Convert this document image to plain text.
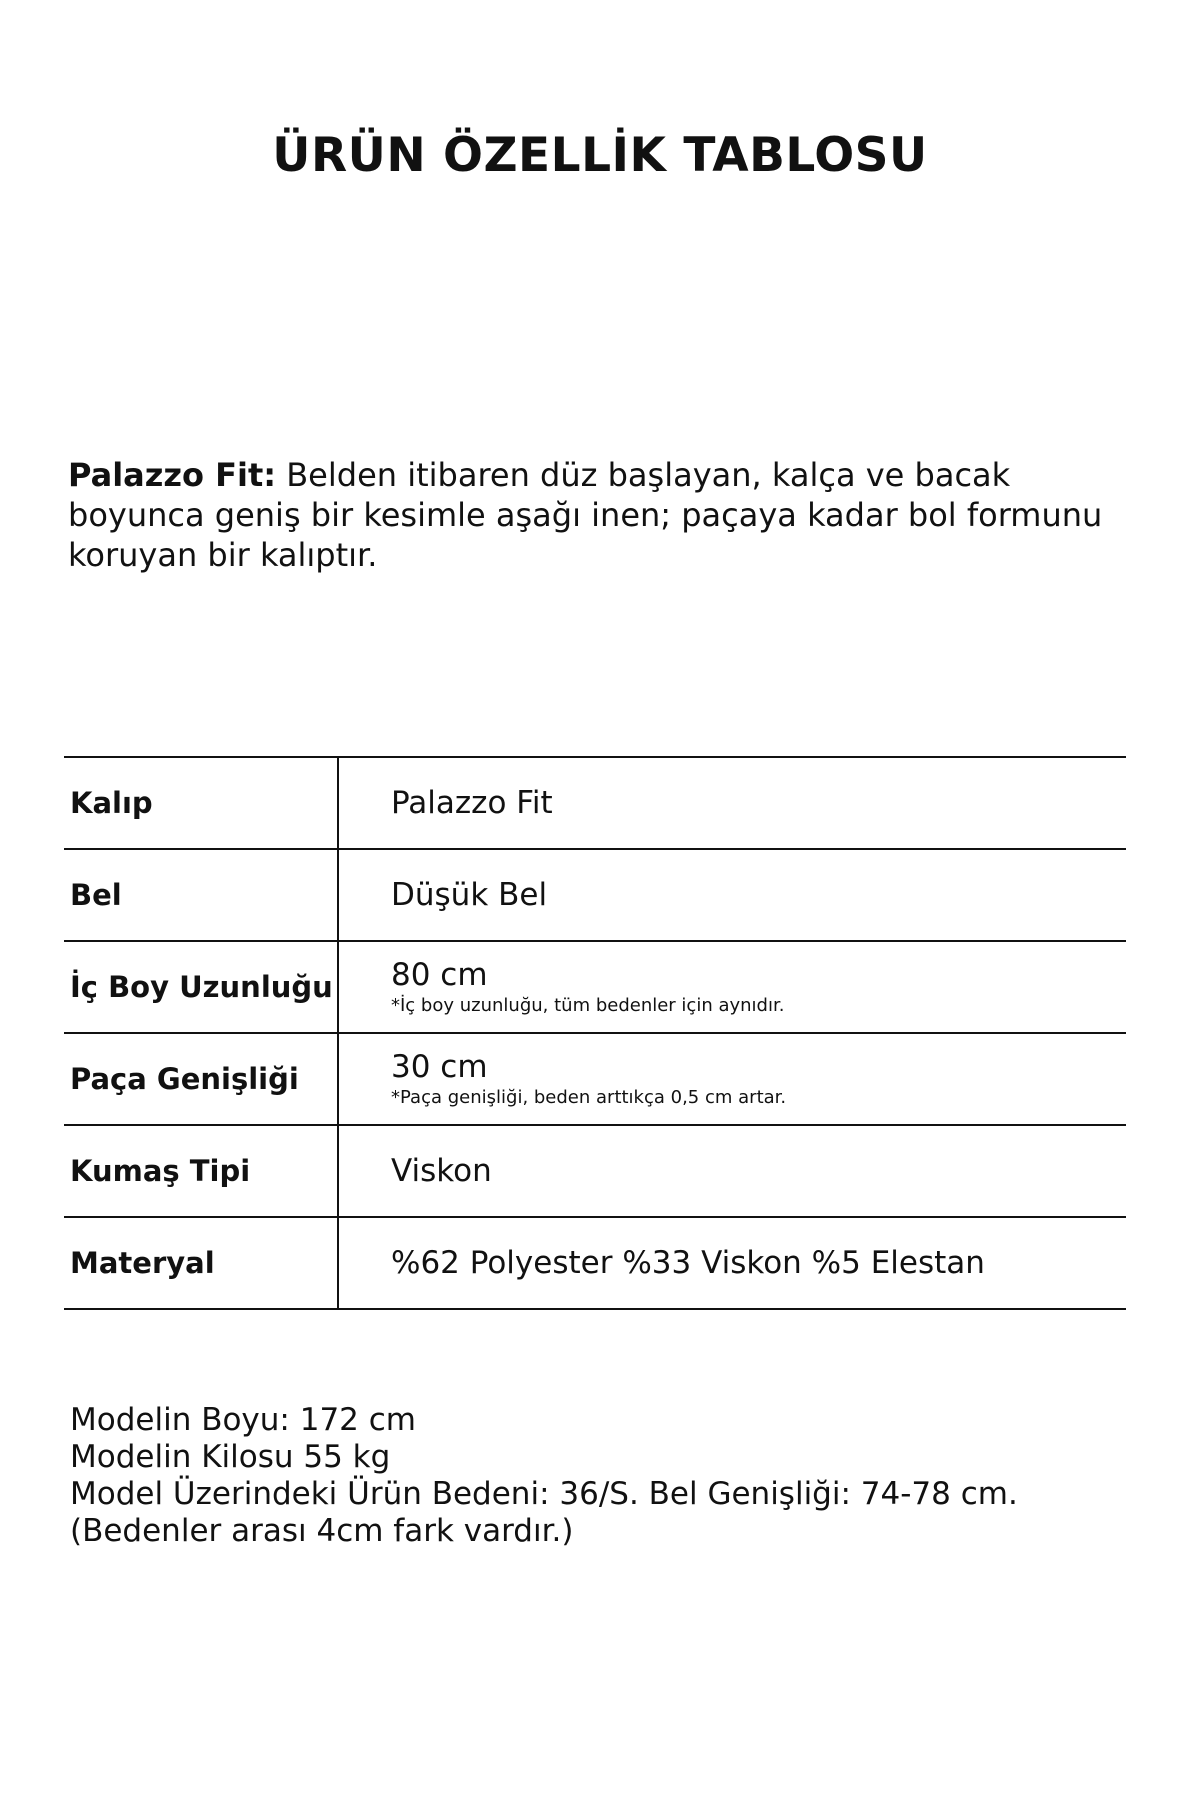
ÜRÜN ÖZELLİK TABLOSU
Palazzo Fit: Belden itibaren düz başlayan, kalça ve bacak boyunca geniş bir kesimle aşağı inen; paçaya kadar bol formunu koruyan bir kalıptır.
Kalıp	Palazzo Fit

Bel	Düşük Bel

İç Boy Uzunluğu	80 cm
*İç boy uzunluğu, tüm bedenler için aynıdır.

Paça Genişliği	30 cm
*Paça genişliği, beden arttıkça 0,5 cm artar.

Kumaş Tipi	Viskon

Materyal	%62 Polyester %33 Viskon %5 Elestan
Modelin Boyu: 172 cm
Modelin Kilosu 55 kg
Model Üzerindeki Ürün Bedeni: 36/S. Bel Genişliği: 74-78 cm. (Bedenler arası 4cm fark vardır.)
